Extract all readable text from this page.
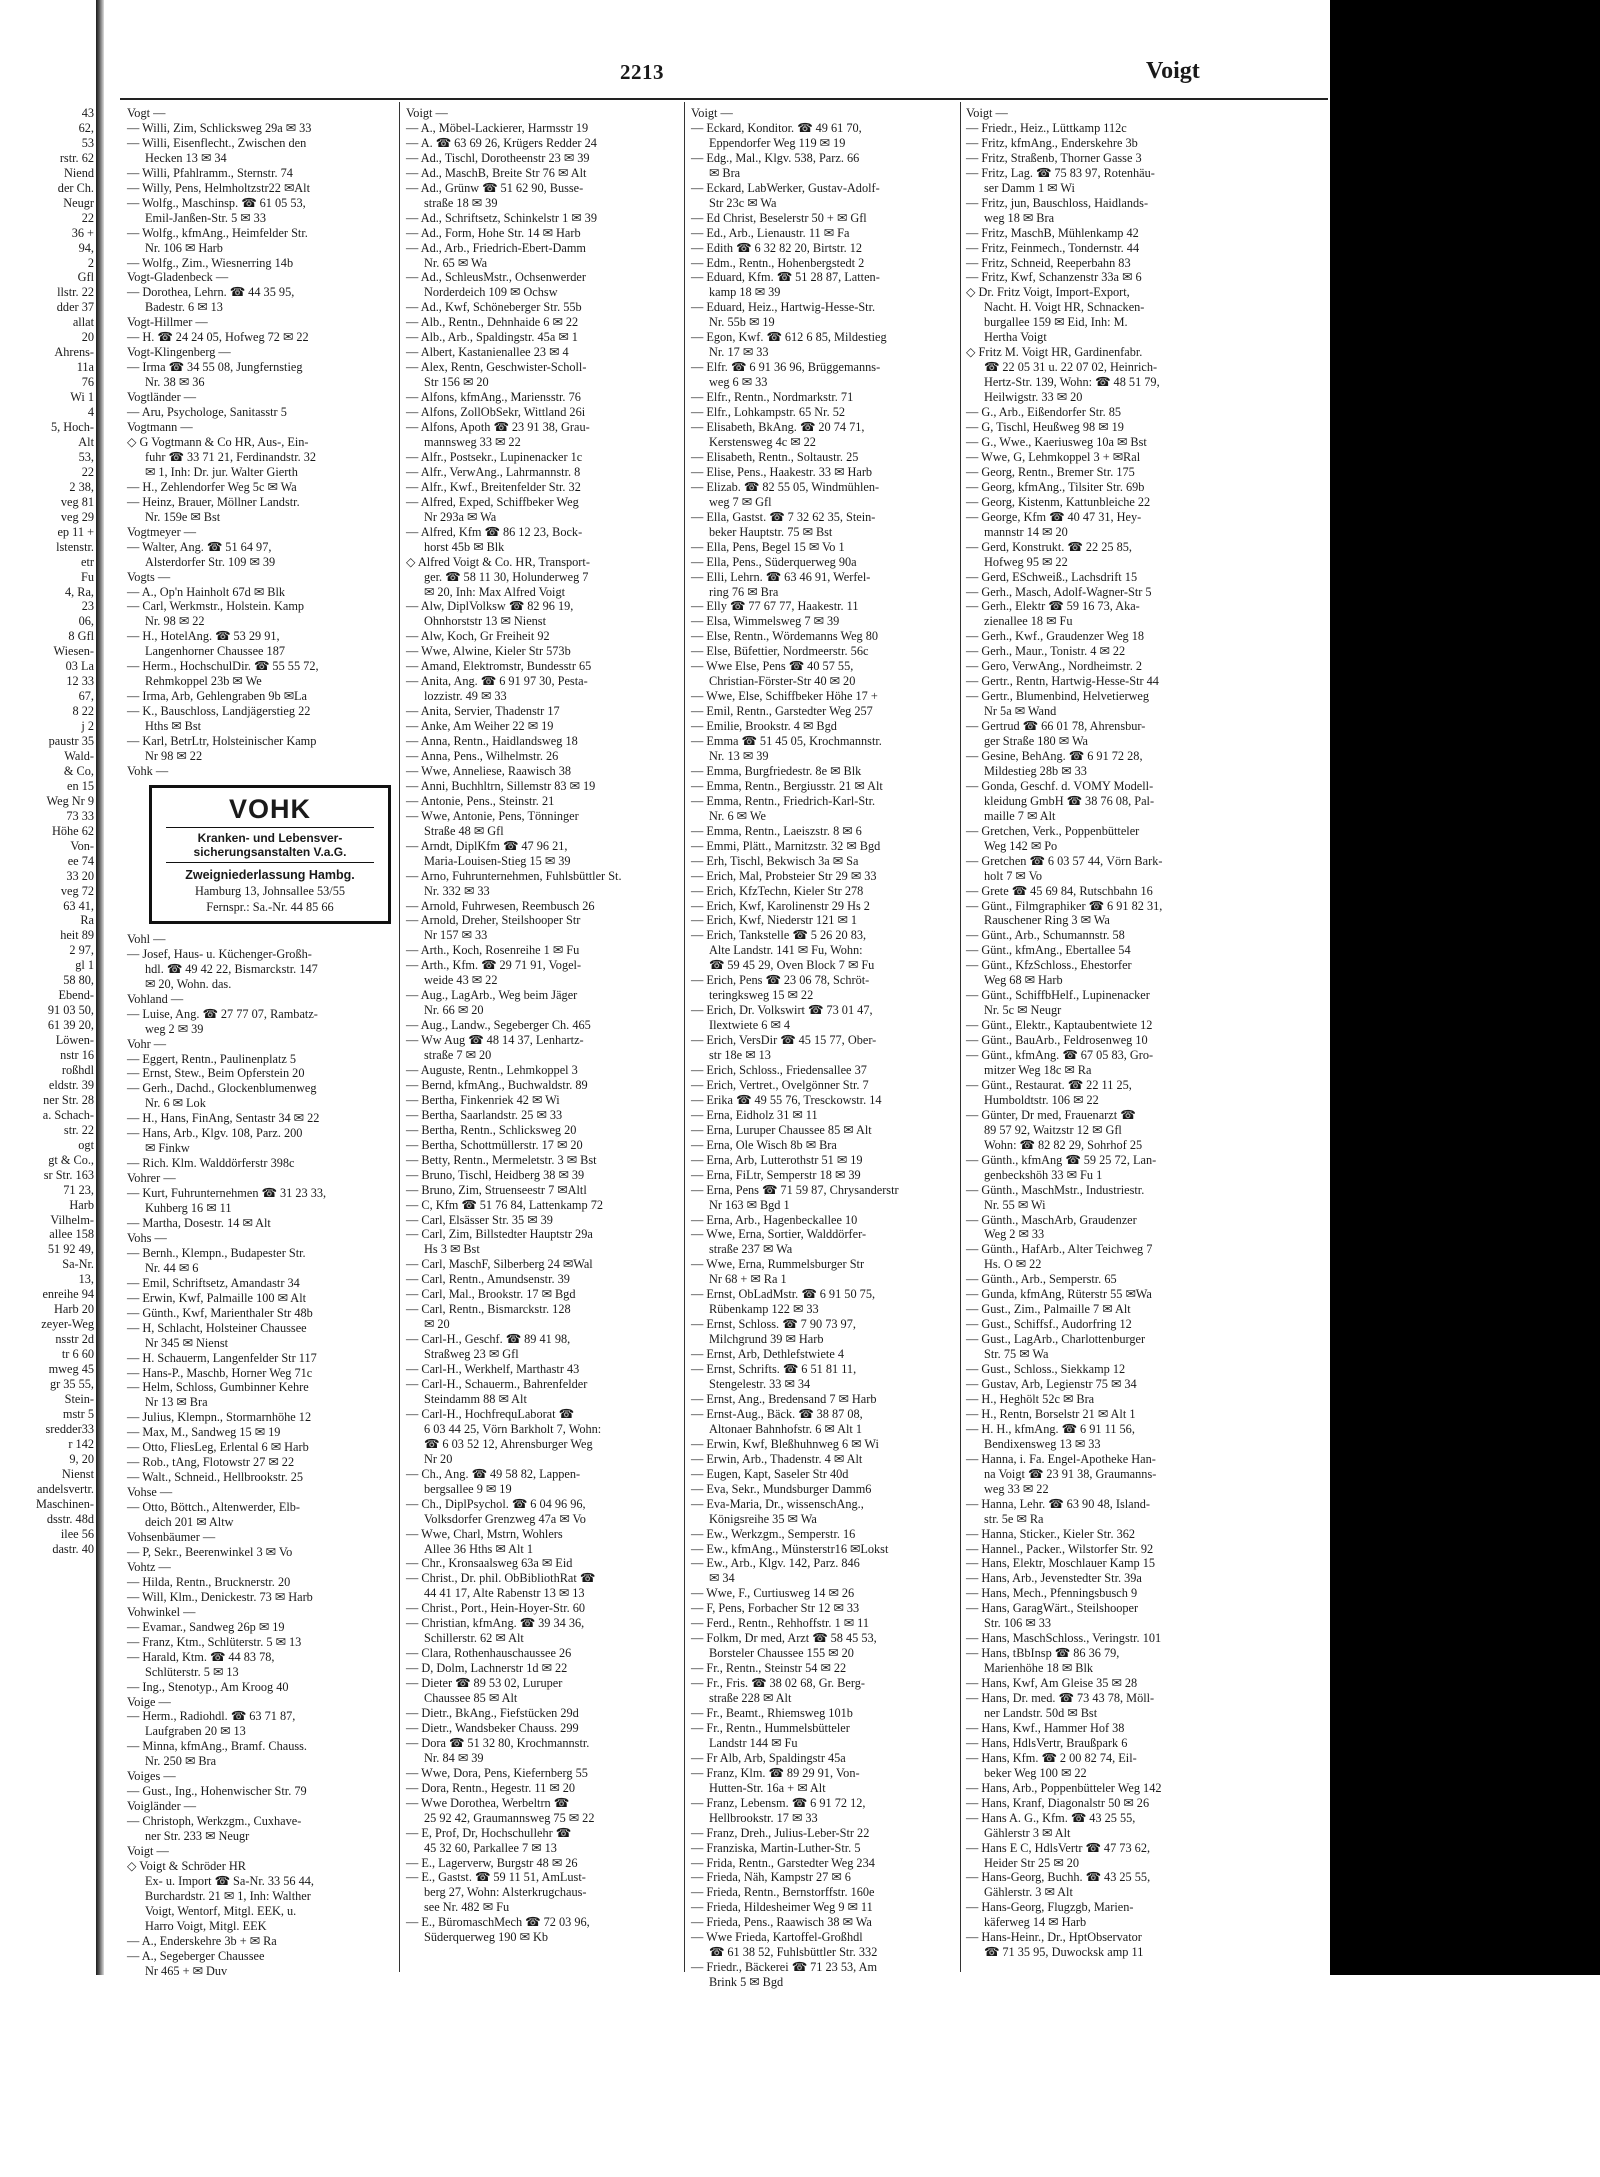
2213	Voigt
43
62,
53
rstr. 62
Niend
der Ch.
Neugr
22
36 +
94,
2
Gfl
llstr. 22
dder 37
allat
20
Ahrens-
11a
76
Wi 1
4
5, Hoch-
Alt
53,
22
2 38,
veg 81
veg 29
ep 11 +
lstenstr.
etr
Fu
4, Ra,
23
06,
8 Gfl
Wiesen-
03 La
12 33
67,
8 22
j 2
paustr 35
Wald-
& Co,
en 15
Weg Nr 9
73 33
Höhe 62
Von-
ee 74
33 20
veg 72
63 41,
Ra
heit 89
2 97,
gl 1
58 80,
Ebend-
91 03 50,
61 39 20,
Löwen-
nstr 16
roßhdl
eldstr. 39
ner Str. 28
a. Schach-
str. 22
ogt
gt & Co.,
sr Str. 163
71 23,
Harb
Vilhelm-
allee 158
51 92 49,
Sa-Nr.
13,
enreihe 94
Harb 20
zeyer-Weg
nsstr 2d
tr 6 60
mweg 45
gr 35 55,
Stein-
mstr 5
sredder33
r 142
9, 20
Nienst
andelsvertr.
Maschinen-
dsstr. 48d
ilee 56
dastr. 40
Vogt —
— Willi, Zim, Schlicksweg 29a ✉ 33
— Willi, Eisenflecht., Zwischen den
Hecken 13 ✉ 34
— Willi, Pfahlramm., Sternstr. 74
— Willy, Pens, Helmholtzstr22 ✉Alt
— Wolfg., Maschinsp. ☎ 61 05 53,
Emil-Janßen-Str. 5 ✉ 33
— Wolfg., kfmAng., Heimfelder Str.
Nr. 106 ✉ Harb
— Wolfg., Zim., Wiesnerring 14b
Vogt-Gladenbeck —
— Dorothea, Lehrn. ☎ 44 35 95,
Badestr. 6 ✉ 13
Vogt-Hillmer —
— H. ☎ 24 24 05, Hofweg 72 ✉ 22
Vogt-Klingenberg —
— Irma ☎ 34 55 08, Jungfernstieg
Nr. 38 ✉ 36
Vogtländer —
— Aru, Psychologe, Sanitasstr 5
Vogtmann —
◇ G Vogtmann & Co HR, Aus-, Ein-
fuhr ☎ 33 71 21, Ferdinandstr. 32
✉ 1, Inh: Dr. jur. Walter Gierth
— H., Zehlendorfer Weg 5c ✉ Wa
— Heinz, Brauer, Möllner Landstr.
Nr. 159e ✉ Bst
Vogtmeyer —
— Walter, Ang. ☎ 51 64 97,
Alsterdorfer Str. 109 ✉ 39
Vogts —
— A., Op'n Hainholt 67d ✉ Blk
— Carl, Werkmstr., Holstein. Kamp
Nr. 98 ✉ 22
— H., HotelAng. ☎ 53 29 91,
Langenhorner Chaussee 187
— Herm., HochschulDir. ☎ 55 55 72,
Rehmkoppel 23b ✉ We
— Irma, Arb, Gehlengraben 9b ✉La
— K., Bauschloss, Landjägerstieg 22
Hths ✉ Bst
— Karl, BetrLtr, Holsteinischer Kamp
Nr 98 ✉ 22
Vohk —
VOHK
Kranken- und Lebensver-
sicherungsanstalten V.a.G.
Zweigniederlassung Hambg.
Hamburg 13, Johnsallee 53/55
Fernspr.: Sa.-Nr. 44 85 66
Vohl —
— Josef, Haus- u. Küchenger-Großh-
hdl. ☎ 49 42 22, Bismarckstr. 147
✉ 20, Wohn. das.
Vohland —
— Luise, Ang. ☎ 27 77 07, Rambatz-
weg 2 ✉ 39
Vohr —
— Eggert, Rentn., Paulinenplatz 5
— Ernst, Stew., Beim Opferstein 20
— Gerh., Dachd., Glockenblumenweg
Nr. 6 ✉ Lok
— H., Hans, FinAng, Sentastr 34 ✉ 22
— Hans, Arb., Klgv. 108, Parz. 200
✉ Finkw
— Rich. Klm. Walddörferstr 398c
Vohrer —
— Kurt, Fuhrunternehmen ☎ 31 23 33,
Kuhberg 16 ✉ 11
— Martha, Dosestr. 14 ✉ Alt
Vohs —
— Bernh., Klempn., Budapester Str.
Nr. 44 ✉ 6
— Emil, Schriftsetz, Amandastr 34
— Erwin, Kwf, Palmaille 100 ✉ Alt
— Günth., Kwf, Marienthaler Str 48b
— H, Schlacht, Holsteiner Chaussee
Nr 345 ✉ Nienst
— H. Schauerm, Langenfelder Str 117
— Hans-P., Maschb, Horner Weg 71c
— Helm, Schloss, Gumbinner Kehre
Nr 13 ✉ Bra
— Julius, Klempn., Stormarnhöhe 12
— Max, M., Sandweg 15 ✉ 19
— Otto, FliesLeg, Erlental 6 ✉ Harb
— Rob., tAng, Flotowstr 27 ✉ 22
— Walt., Schneid., Hellbrookstr. 25
Vohse —
— Otto, Böttch., Altenwerder, Elb-
deich 201 ✉ Altw
Vohsenbäumer —
— P, Sekr., Beerenwinkel 3 ✉ Vo
Vohtz —
— Hilda, Rentn., Brucknerstr. 20
— Will, Klm., Denickestr. 73 ✉ Harb
Vohwinkel —
— Evamar., Sandweg 26p ✉ 19
— Franz, Ktm., Schlüterstr. 5 ✉ 13
— Harald, Ktm. ☎ 44 83 78,
Schlüterstr. 5 ✉ 13
— Ing., Stenotyp., Am Kroog 40
Voige —
— Herm., Radiohdl. ☎ 63 71 87,
Laufgraben 20 ✉ 13
— Minna, kfmAng., Bramf. Chauss.
Nr. 250 ✉ Bra
Voiges —
— Gust., Ing., Hohenwischer Str. 79
Voigländer —
— Christoph, Werkzgm., Cuxhave-
ner Str. 233 ✉ Neugr
Voigt —
◇ Voigt & Schröder HR
Ex- u. Import ☎ Sa-Nr. 33 56 44,
Burchardstr. 21 ✉ 1, Inh: Walther
Voigt, Wentorf, Mitgl. EEK, u.
Harro Voigt, Mitgl. EEK
— A., Enderskehre 3b + ✉ Ra
— A., Segeberger Chaussee
Nr 465 + ✉ Duv
Voigt —
— A., Möbel-Lackierer, Harmsstr 19
— A. ☎ 63 69 26, Krügers Redder 24
— Ad., Tischl, Dorotheenstr 23 ✉ 39
— Ad., MaschB, Breite Str 76 ✉ Alt
— Ad., Grünw ☎ 51 62 90, Busse-
straße 18 ✉ 39
— Ad., Schriftsetz, Schinkelstr 1 ✉ 39
— Ad., Form, Hohe Str. 14 ✉ Harb
— Ad., Arb., Friedrich-Ebert-Damm
Nr. 65 ✉ Wa
— Ad., SchleusMstr., Ochsenwerder
Norderdeich 109 ✉ Ochsw
— Ad., Kwf, Schöneberger Str. 55b
— Alb., Rentn., Dehnhaide 6 ✉ 22
— Alb., Arb., Spaldingstr. 45a ✉ 1
— Albert, Kastanienallee 23 ✉ 4
— Alex, Rentn, Geschwister-Scholl-
Str 156 ✉ 20
— Alfons, kfmAng., Mariensstr. 76
— Alfons, ZollObSekr, Wittland 26i
— Alfons, Apoth ☎ 23 91 38, Grau-
mannsweg 33 ✉ 22
— Alfr., Postsekr., Lupinenacker 1c
— Alfr., VerwAng., Lahrmannstr. 8
— Alfr., Kwf., Breitenfelder Str. 32
— Alfred, Exped, Schiffbeker Weg
Nr 293a ✉ Wa
— Alfred, Kfm ☎ 86 12 23, Bock-
horst 45b ✉ Blk
◇ Alfred Voigt & Co. HR, Transport-
ger. ☎ 58 11 30, Holunderweg 7
✉ 20, Inh: Max Alfred Voigt
— Alw, DiplVolksw ☎ 82 96 19,
Ohnhorststr 13 ✉ Nienst
— Alw, Koch, Gr Freiheit 92
— Wwe, Alwine, Kieler Str 573b
— Amand, Elektromstr, Bundesstr 65
— Anita, Ang. ☎ 6 91 97 30, Pesta-
lozzistr. 49 ✉ 33
— Anita, Servier, Thadenstr 17
— Anke, Am Weiher 22 ✉ 19
— Anna, Rentn., Haidlandsweg 18
— Anna, Pens., Wilhelmstr. 26
— Wwe, Anneliese, Raawisch 38
— Anni, Buchhltrn, Sillemstr 83 ✉ 19
— Antonie, Pens., Steinstr. 21
— Wwe, Antonie, Pens, Tönninger
Straße 48 ✉ Gfl
— Arndt, DiplKfm ☎ 47 96 21,
Maria-Louisen-Stieg 15 ✉ 39
— Arno, Fuhrunternehmen, Fuhlsbüttler St.
Nr. 332 ✉ 33
— Arnold, Fuhrwesen, Reembusch 26
— Arnold, Dreher, Steilshooper Str
Nr 157 ✉ 33
— Arth., Koch, Rosenreihe 1 ✉ Fu
— Arth., Kfm. ☎ 29 71 91, Vogel-
weide 43 ✉ 22
— Aug., LagArb., Weg beim Jäger
Nr. 66 ✉ 20
— Aug., Landw., Segeberger Ch. 465
— Ww Aug ☎ 48 14 37, Lenhartz-
straße 7 ✉ 20
— Auguste, Rentn., Lehmkoppel 3
— Bernd, kfmAng., Buchwaldstr. 89
— Bertha, Finkenriek 42 ✉ Wi
— Bertha, Saarlandstr. 25 ✉ 33
— Bertha, Rentn., Schlicksweg 20
— Bertha, Schottmüllerstr. 17 ✉ 20
— Betty, Rentn., Mermeletstr. 3 ✉ Bst
— Bruno, Tischl, Heidberg 38 ✉ 39
— Bruno, Zim, Struenseestr 7 ✉Altl
— C, Kfm ☎ 51 76 84, Lattenkamp 72
— Carl, Elsässer Str. 35 ✉ 39
— Carl, Zim, Billstedter Hauptstr 29a
Hs 3 ✉ Bst
— Carl, MaschF, Silberberg 24 ✉Wal
— Carl, Rentn., Amundsenstr. 39
— Carl, Mal., Brookstr. 17 ✉ Bgd
— Carl, Rentn., Bismarckstr. 128
✉ 20
— Carl-H., Geschf. ☎ 89 41 98,
Straßweg 23 ✉ Gfl
— Carl-H., Werkhelf, Marthastr 43
— Carl-H., Schauerm., Bahrenfelder
Steindamm 88 ✉ Alt
— Carl-H., HochfrequLaborat ☎
6 03 44 25, Vörn Barkholt 7, Wohn:
☎ 6 03 52 12, Ahrensburger Weg
Nr 20
— Ch., Ang. ☎ 49 58 82, Lappen-
bergsallee 9 ✉ 19
— Ch., DiplPsychol. ☎ 6 04 96 96,
Volksdorfer Grenzweg 47a ✉ Vo
— Wwe, Charl, Mstrn, Wohlers
Allee 36 Hths ✉ Alt 1
— Chr., Kronsaalsweg 63a ✉ Eid
— Christ., Dr. phil. ObBibliothRat ☎
44 41 17, Alte Rabenstr 13 ✉ 13
— Christ., Port., Hein-Hoyer-Str. 60
— Christian, kfmAng. ☎ 39 34 36,
Schillerstr. 62 ✉ Alt
— Clara, Rothenhauschaussee 26
— D, Dolm, Lachnerstr 1d ✉ 22
— Dieter ☎ 89 53 02, Luruper
Chaussee 85 ✉ Alt
— Dietr., BkAng., Fiefstücken 29d
— Dietr., Wandsbeker Chauss. 299
— Dora ☎ 51 32 80, Krochmannstr.
Nr. 84 ✉ 39
— Wwe, Dora, Pens, Kiefernberg 55
— Dora, Rentn., Hegestr. 11 ✉ 20
— Wwe Dorothea, Werbeltrn ☎
25 92 42, Graumannsweg 75 ✉ 22
— E, Prof, Dr, Hochschullehr ☎
45 32 60, Parkallee 7 ✉ 13
— E., Lagerverw, Burgstr 48 ✉ 26
— E., Gastst. ☎ 59 11 51, AmLust-
berg 27, Wohn: Alsterkrugchaus-
see Nr. 482 ✉ Fu
— E., BüromaschMech ☎ 72 03 96,
Süderquerweg 190 ✉ Kb
Voigt —
— Eckard, Konditor. ☎ 49 61 70,
Eppendorfer Weg 119 ✉ 19
— Edg., Mal., Klgv. 538, Parz. 66
✉ Bra
— Eckard, LabWerker, Gustav-Adolf-
Str 23c ✉ Wa
— Ed Christ, Beselerstr 50 + ✉ Gfl
— Ed., Arb., Lienaustr. 11 ✉ Fa
— Edith ☎ 6 32 82 20, Birtstr. 12
— Edm., Rentn., Hohenbergstedt 2
— Eduard, Kfm. ☎ 51 28 87, Latten-
kamp 18 ✉ 39
— Eduard, Heiz., Hartwig-Hesse-Str.
Nr. 55b ✉ 19
— Egon, Kwf. ☎ 612 6 85, Mildestieg
Nr. 17 ✉ 33
— Elfr. ☎ 6 91 36 96, Brüggemanns-
weg 6 ✉ 33
— Elfr., Rentn., Nordmarkstr. 71
— Elfr., Lohkampstr. 65 Nr. 52
— Elisabeth, BkAng. ☎ 20 74 71,
Kerstensweg 4c ✉ 22
— Elisabeth, Rentn., Soltaustr. 25
— Elise, Pens., Haakestr. 33 ✉ Harb
— Elizab. ☎ 82 55 05, Windmühlen-
weg 7 ✉ Gfl
— Ella, Gastst. ☎ 7 32 62 35, Stein-
beker Hauptstr. 75 ✉ Bst
— Ella, Pens, Begel 15 ✉ Vo 1
— Ella, Pens., Süderquerweg 90a
— Elli, Lehrn. ☎ 63 46 91, Werfel-
ring 76 ✉ Bra
— Elly ☎ 77 67 77, Haakestr. 11
— Elsa, Wimmelsweg 7 ✉ 39
— Else, Rentn., Wördemanns Weg 80
— Else, Büfettier, Nordmeerstr. 56c
— Wwe Else, Pens ☎ 40 57 55,
Christian-Förster-Str 40 ✉ 20
— Wwe, Else, Schiffbeker Höhe 17 +
— Emil, Rentn., Garstedter Weg 257
— Emilie, Brookstr. 4 ✉ Bgd
— Emma ☎ 51 45 05, Krochmannstr.
Nr. 13 ✉ 39
— Emma, Burgfriedestr. 8e ✉ Blk
— Emma, Rentn., Bergiusstr. 21 ✉ Alt
— Emma, Rentn., Friedrich-Karl-Str.
Nr. 6 ✉ We
— Emma, Rentn., Laeiszstr. 8 ✉ 6
— Emmi, Plätt., Marnitzstr. 32 ✉ Bgd
— Erh, Tischl, Bekwisch 3a ✉ Sa
— Erich, Mal, Probsteier Str 29 ✉ 33
— Erich, KfzTechn, Kieler Str 278
— Erich, Kwf, Karolinenstr 29 Hs 2
— Erich, Kwf, Niederstr 121 ✉ 1
— Erich, Tankstelle ☎ 5 26 20 83,
Alte Landstr. 141 ✉ Fu, Wohn:
☎ 59 45 29, Oven Block 7 ✉ Fu
— Erich, Pens ☎ 23 06 78, Schröt-
teringksweg 15 ✉ 22
— Erich, Dr. Volkswirt ☎ 73 01 47,
Ilextwiete 6 ✉ 4
— Erich, VersDir ☎ 45 15 77, Ober-
str 18e ✉ 13
— Erich, Schloss., Friedensallee 37
— Erich, Vertret., Ovelgönner Str. 7
— Erika ☎ 49 55 76, Tresckowstr. 14
— Erna, Eidholz 31 ✉ 11
— Erna, Luruper Chaussee 85 ✉ Alt
— Erna, Ole Wisch 8b ✉ Bra
— Erna, Arb, Lutterothstr 51 ✉ 19
— Erna, FiLtr, Semperstr 18 ✉ 39
— Erna, Pens ☎ 71 59 87, Chrysanderstr
Nr 163 ✉ Bgd 1
— Erna, Arb., Hagenbeckallee 10
— Wwe, Erna, Sortier, Walddörfer-
straße 237 ✉ Wa
— Wwe, Erna, Rummelsburger Str
Nr 68 + ✉ Ra 1
— Ernst, ObLadMstr. ☎ 6 91 50 75,
Rübenkamp 122 ✉ 33
— Ernst, Schloss. ☎ 7 90 73 97,
Milchgrund 39 ✉ Harb
— Ernst, Arb, Dethlefstwiete 4
— Ernst, Schrifts. ☎ 6 51 81 11,
Stengelestr. 33 ✉ 34
— Ernst, Ang., Bredensand 7 ✉ Harb
— Ernst-Aug., Bäck. ☎ 38 87 08,
Altonaer Bahnhofstr. 6 ✉ Alt 1
— Erwin, Kwf, Bleßhuhnweg 6 ✉ Wi
— Erwin, Arb., Thadenstr. 4 ✉ Alt
— Eugen, Kapt, Saseler Str 40d
— Eva, Sekr., Mundsburger Damm6
— Eva-Maria, Dr., wissenschAng.,
Königsreihe 35 ✉ Wa
— Ew., Werkzgm., Semperstr. 16
— Ew., kfmAng., Münsterstr16 ✉Lokst
— Ew., Arb., Klgv. 142, Parz. 846
✉ 34
— Wwe, F., Curtiusweg 14 ✉ 26
— F, Pens, Forbacher Str 12 ✉ 33
— Ferd., Rentn., Rehhoffstr. 1 ✉ 11
— Folkm, Dr med, Arzt ☎ 58 45 53,
Borsteler Chaussee 155 ✉ 20
— Fr., Rentn., Steinstr 54 ✉ 22
— Fr., Fris. ☎ 38 02 68, Gr. Berg-
straße 228 ✉ Alt
— Fr., Beamt., Rhiemsweg 101b
— Fr., Rentn., Hummelsbütteler
Landstr 144 ✉ Fu
— Fr Alb, Arb, Spaldingstr 45a
— Franz, Klm. ☎ 89 29 91, Von-
Hutten-Str. 16a + ✉ Alt
— Franz, Lebensm. ☎ 6 91 72 12,
Hellbrookstr. 17 ✉ 33
— Franz, Dreh., Julius-Leber-Str 22
— Franziska, Martin-Luther-Str. 5
— Frida, Rentn., Garstedter Weg 234
— Frieda, Näh, Kampstr 27 ✉ 6
— Frieda, Rentn., Bernstorffstr. 160e
— Frieda, Hildesheimer Weg 9 ✉ 11
— Frieda, Pens., Raawisch 38 ✉ Wa
— Wwe Frieda, Kartoffel-Großhdl
☎ 61 38 52, Fuhlsbüttler Str. 332
— Friedr., Bäckerei ☎ 71 23 53, Am
Brink 5 ✉ Bgd
Voigt —
— Friedr., Heiz., Lüttkamp 112c
— Fritz, kfmAng., Enderskehre 3b
— Fritz, Straßenb, Thorner Gasse 3
— Fritz, Lag. ☎ 75 83 97, Rotenhäu-
ser Damm 1 ✉ Wi
— Fritz, jun, Bauschloss, Haidlands-
weg 18 ✉ Bra
— Fritz, MaschB, Mühlenkamp 42
— Fritz, Feinmech., Tondernstr. 44
— Fritz, Schneid, Reeperbahn 83
— Fritz, Kwf, Schanzenstr 33a ✉ 6
◇ Dr. Fritz Voigt, Import-Export,
Nacht. H. Voigt HR, Schnacken-
burgallee 159 ✉ Eid, Inh: M.
Hertha Voigt
◇ Fritz M. Voigt HR, Gardinenfabr.
☎ 22 05 31 u. 22 07 02, Heinrich-
Hertz-Str. 139, Wohn: ☎ 48 51 79,
Heilwigstr. 33 ✉ 20
— G., Arb., Eißendorfer Str. 85
— G, Tischl, Heußweg 98 ✉ 19
— G., Wwe., Kaeriusweg 10a ✉ Bst
— Wwe, G, Lehmkoppel 3 + ✉Ral
— Georg, Rentn., Bremer Str. 175
— Georg, kfmAng., Tilsiter Str. 69b
— Georg, Kistenm, Kattunbleiche 22
— George, Kfm ☎ 40 47 31, Hey-
mannstr 14 ✉ 20
— Gerd, Konstrukt. ☎ 22 25 85,
Hofweg 95 ✉ 22
— Gerd, ESchweiß., Lachsdrift 15
— Gerh., Masch, Adolf-Wagner-Str 5
— Gerh., Elektr ☎ 59 16 73, Aka-
zienallee 18 ✉ Fu
— Gerh., Kwf., Graudenzer Weg 18
— Gerh., Maur., Tonistr. 4 ✉ 22
— Gero, VerwAng., Nordheimstr. 2
— Gertr., Rentn, Hartwig-Hesse-Str 44
— Gertr., Blumenbind, Helvetierweg
Nr 5a ✉ Wand
— Gertrud ☎ 66 01 78, Ahrensbur-
ger Straße 180 ✉ Wa
— Gesine, BehAng. ☎ 6 91 72 28,
Mildestieg 28b ✉ 33
— Gonda, Geschf. d. VOMY Modell-
kleidung GmbH ☎ 38 76 08, Pal-
maille 7 ✉ Alt
— Gretchen, Verk., Poppenbütteler
Weg 142 ✉ Po
— Gretchen ☎ 6 03 57 44, Vörn Bark-
holt 7 ✉ Vo
— Grete ☎ 45 69 84, Rutschbahn 16
— Günt., Filmgraphiker ☎ 6 91 82 31,
Rauschener Ring 3 ✉ Wa
— Günt., Arb., Schumannstr. 58
— Günt., kfmAng., Ebertallee 54
— Günt., KfzSchloss., Ehestorfer
Weg 68 ✉ Harb
— Günt., SchiffbHelf., Lupinenacker
Nr. 5c ✉ Neugr
— Günt., Elektr., Kaptaubentwiete 12
— Günt., BauArb., Feldrosenweg 10
— Günt., kfmAng. ☎ 67 05 83, Gro-
mitzer Weg 18c ✉ Ra
— Günt., Restaurat. ☎ 22 11 25,
Humboldtstr. 106 ✉ 22
— Günter, Dr med, Frauenarzt ☎
89 57 92, Waitzstr 12 ✉ Gfl
Wohn: ☎ 82 82 29, Sohrhof 25
— Günth., kfmAng ☎ 59 25 72, Lan-
genbeckshöh 33 ✉ Fu 1
— Günth., MaschMstr., Industriestr.
Nr. 55 ✉ Wi
— Günth., MaschArb, Graudenzer
Weg 2 ✉ 33
— Günth., HafArb., Alter Teichweg 7
Hs. O ✉ 22
— Günth., Arb., Semperstr. 65
— Gunda, kfmAng, Rüterstr 55 ✉Wa
— Gust., Zim., Palmaille 7 ✉ Alt
— Gust., Schiffsf., Audorfring 12
— Gust., LagArb., Charlottenburger
Str. 75 ✉ Wa
— Gust., Schloss., Siekkamp 12
— Gustav, Arb, Legienstr 75 ✉ 34
— H., Heghölt 52c ✉ Bra
— H., Rentn, Borselstr 21 ✉ Alt 1
— H. H., kfmAng. ☎ 6 91 11 56,
Bendixensweg 13 ✉ 33
— Hanna, i. Fa. Engel-Apotheke Han-
na Voigt ☎ 23 91 38, Graumanns-
weg 33 ✉ 22
— Hanna, Lehr. ☎ 63 90 48, Island-
str. 5e ✉ Ra
— Hanna, Sticker., Kieler Str. 362
— Hannel., Packer., Wilstorfer Str. 92
— Hans, Elektr, Moschlauer Kamp 15
— Hans, Arb., Jevenstedter Str. 39a
— Hans, Mech., Pfenningsbusch 9
— Hans, GaragWärt., Steilshooper
Str. 106 ✉ 33
— Hans, MaschSchloss., Veringstr. 101
— Hans, tBbInsp ☎ 86 36 79,
Marienhöhe 18 ✉ Blk
— Hans, Kwf, Am Gleise 35 ✉ 28
— Hans, Dr. med. ☎ 73 43 78, Möll-
ner Landstr. 50d ✉ Bst
— Hans, Kwf., Hammer Hof 38
— Hans, HdlsVertr, Braußpark 6
— Hans, Kfm. ☎ 2 00 82 74, Eil-
beker Weg 100 ✉ 22
— Hans, Arb., Poppenbütteler Weg 142
— Hans, Kranf, Diagonalstr 50 ✉ 26
— Hans A. G., Kfm. ☎ 43 25 55,
Gählerstr 3 ✉ Alt
— Hans E C, HdlsVertr ☎ 47 73 62,
Heider Str 25 ✉ 20
— Hans-Georg, Buchh. ☎ 43 25 55,
Gählerstr. 3 ✉ Alt
— Hans-Georg, Flugzgb, Marien-
käferweg 14 ✉ Harb
— Hans-Heinr., Dr., HptObservator
☎ 71 35 95, Duwocksk amp 11
